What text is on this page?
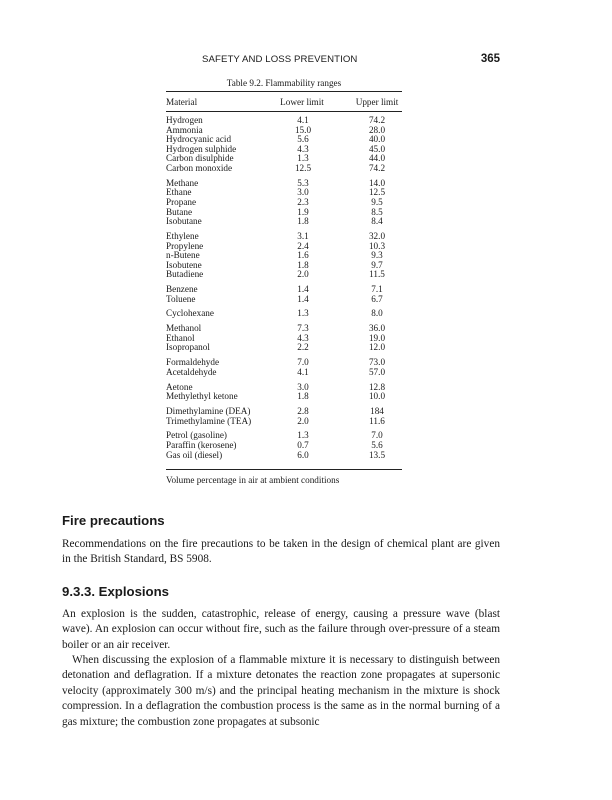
SAFETY AND LOSS PREVENTION	365
Table 9.2. Flammability ranges
Material	Lower limit	Upper limit
Hydrogen	4.1	74.2
Ammonia	15.0	28.0
Hydrocyanic acid	5.6	40.0
Hydrogen sulphide	4.3	45.0
Carbon disulphide	1.3	44.0
Carbon monoxide	12.5	74.2
Methane	5.3	14.0
Ethane	3.0	12.5
Propane	2.3	9.5
Butane	1.9	8.5
Isobutane	1.8	8.4
Ethylene	3.1	32.0
Propylene	2.4	10.3
n-Butene	1.6	9.3
Isobutene	1.8	9.7
Butadiene	2.0	11.5
Benzene	1.4	7.1
Toluene	1.4	6.7
Cyclohexane	1.3	8.0
Methanol	7.3	36.0
Ethanol	4.3	19.0
Isopropanol	2.2	12.0
Formaldehyde	7.0	73.0
Acetaldehyde	4.1	57.0
Aetone	3.0	12.8
Methylethyl ketone	1.8	10.0
Dimethylamine (DEA)	2.8	184
Trimethylamine (TEA)	2.0	11.6
Petrol (gasoline)	1.3	7.0
Paraffin (kerosene)	0.7	5.6
Gas oil (diesel)	6.0	13.5
Volume percentage in air at ambient conditions
Fire precautions

Recommendations on the fire precautions to be taken in the design of chemical plant are given in the British Standard, BS 5908.

9.3.3. Explosions

An explosion is the sudden, catastrophic, release of energy, causing a pressure wave (blast wave). An explosion can occur without fire, such as the failure through over-pressure of a steam boiler or an air receiver.

When discussing the explosion of a flammable mixture it is necessary to distinguish between detonation and deflagration. If a mixture detonates the reaction zone propagates at supersonic velocity (approximately 300 m/s) and the principal heating mechanism in the mixture is shock compression. In a deflagration the combustion process is the same as in the normal burning of a gas mixture; the combustion zone propagates at subsonic
